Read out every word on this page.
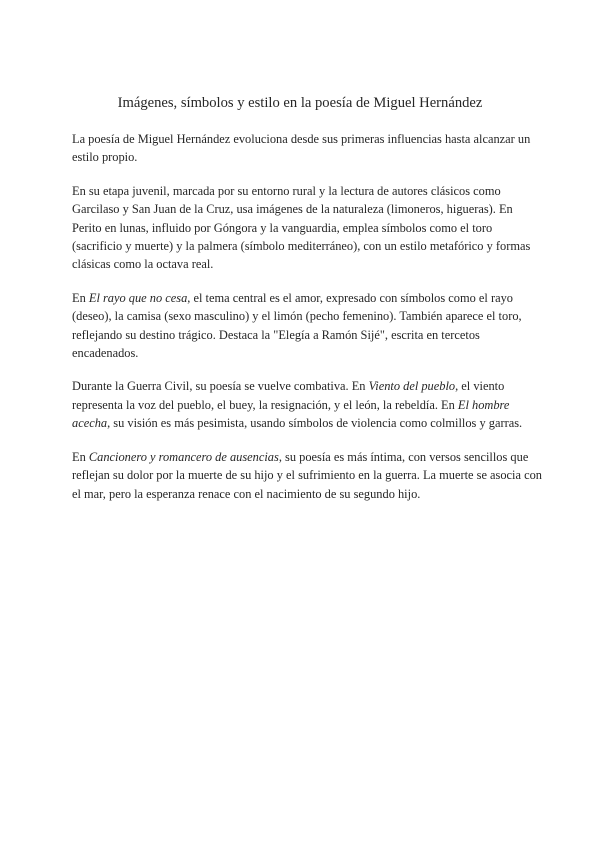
Imágenes, símbolos y estilo en la poesía de Miguel Hernández

La poesía de Miguel Hernández evoluciona desde sus primeras influencias hasta alcanzar un estilo propio.

En su etapa juvenil, marcada por su entorno rural y la lectura de autores clásicos como Garcilaso y San Juan de la Cruz, usa imágenes de la naturaleza (limoneros, higueras). En Perito en lunas, influido por Góngora y la vanguardia, emplea símbolos como el toro (sacrificio y muerte) y la palmera (símbolo mediterráneo), con un estilo metafórico y formas clásicas como la octava real.

En El rayo que no cesa, el tema central es el amor, expresado con símbolos como el rayo (deseo), la camisa (sexo masculino) y el limón (pecho femenino). También aparece el toro, reflejando su destino trágico. Destaca la "Elegía a Ramón Sijé", escrita en tercetos encadenados.

Durante la Guerra Civil, su poesía se vuelve combativa. En Viento del pueblo, el viento representa la voz del pueblo, el buey, la resignación, y el león, la rebeldía. En El hombre acecha, su visión es más pesimista, usando símbolos de violencia como colmillos y garras.

En Cancionero y romancero de ausencias, su poesía es más íntima, con versos sencillos que reflejan su dolor por la muerte de su hijo y el sufrimiento en la guerra. La muerte se asocia con el mar, pero la esperanza renace con el nacimiento de su segundo hijo.
